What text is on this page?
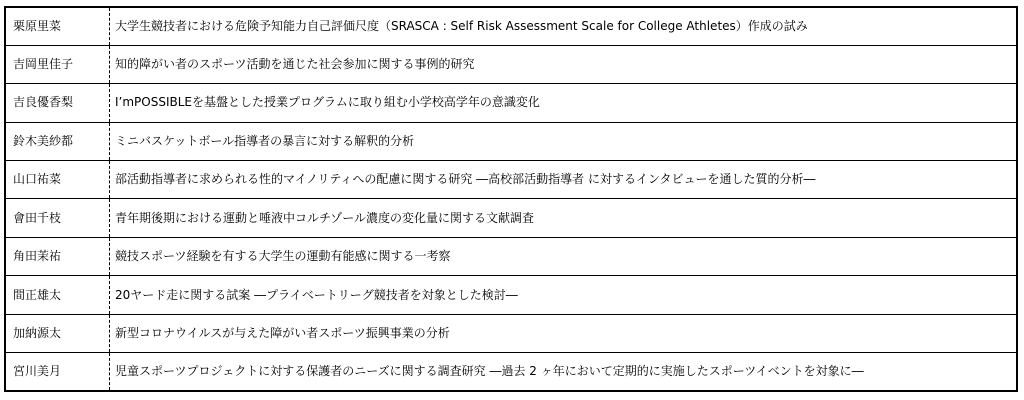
栗原里菜	大学生競技者における危険予知能力自己評価尺度（SRASCA : Self Risk Assessment Scale for College Athletes）作成の試み
吉岡里佳子	知的障がい者のスポーツ活動を通じた社会参加に関する事例的研究
吉良優香梨	I’mPOSSIBLEを基盤とした授業プログラムに取り組む小学校高学年の意識変化
鈴木美紗都	ミニバスケットボール指導者の暴言に対する解釈的分析
山口祐菜	部活動指導者に求められる性的マイノリティへの配慮に関する研究 ―高校部活動指導者 に対するインタビューを通した質的分析―
會田千枝	青年期後期における運動と唾液中コルチゾール濃度の変化量に関する文献調査
角田茉祐	競技スポーツ経験を有する大学生の運動有能感に関する一考察
間正雄太	20ヤード走に関する試案 ―プライベートリーグ競技者を対象とした検討―
加納源太	新型コロナウイルスが与えた障がい者スポーツ振興事業の分析
宮川美月	児童スポーツプロジェクトに対する保護者のニーズに関する調査研究 ―過去 2 ヶ年において定期的に実施したスポーツイベントを対象に―
